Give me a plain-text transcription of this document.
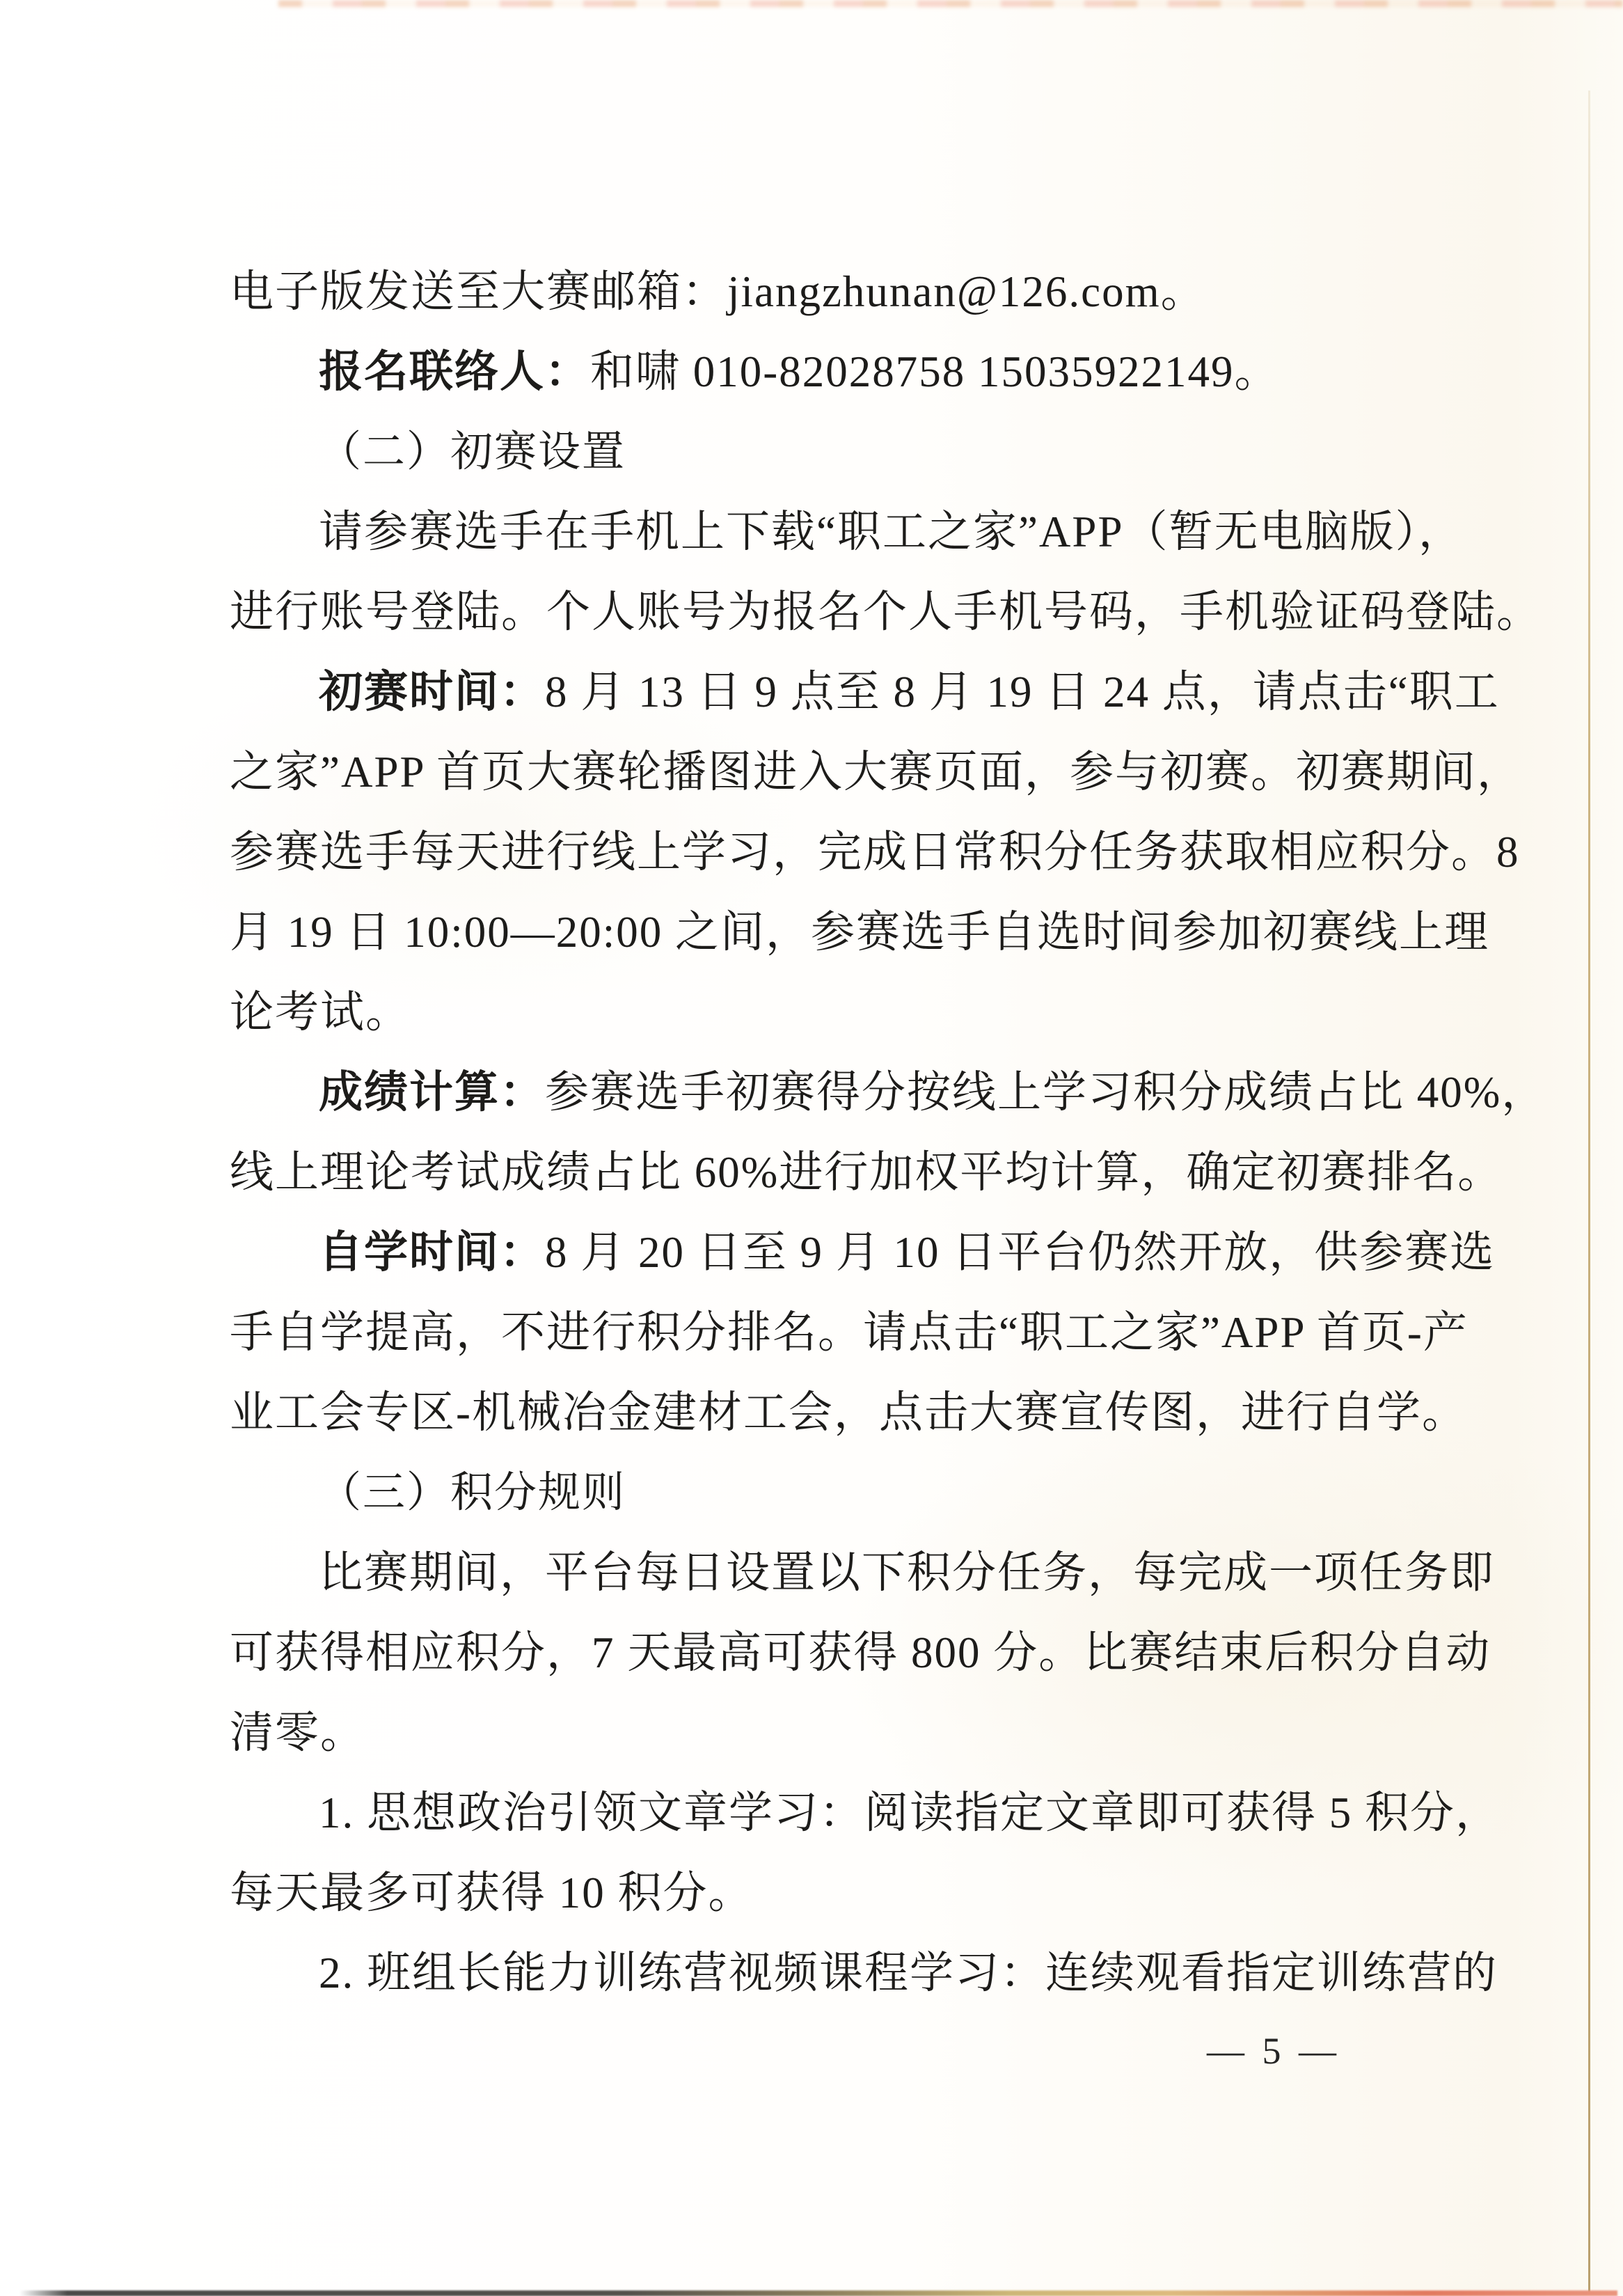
电子版发送至大赛邮箱：jiangzhunan@126.com。
报名联络人：和啸 010-82028758 15035922149。
（二）初赛设置
请参赛选手在手机上下载“职工之家”APP（暂无电脑版），
进行账号登陆。个人账号为报名个人手机号码，手机验证码登陆。
初赛时间：8 月 13 日 9 点至 8 月 19 日 24 点，请点击“职工
之家”APP 首页大赛轮播图进入大赛页面，参与初赛。初赛期间，
参赛选手每天进行线上学习，完成日常积分任务获取相应积分。8
月 19 日 10:00—20:00 之间，参赛选手自选时间参加初赛线上理
论考试。
成绩计算：参赛选手初赛得分按线上学习积分成绩占比 40%，
线上理论考试成绩占比 60%进行加权平均计算，确定初赛排名。
自学时间：8 月 20 日至 9 月 10 日平台仍然开放，供参赛选
手自学提高，不进行积分排名。请点击“职工之家”APP 首页-产
业工会专区-机械冶金建材工会，点击大赛宣传图，进行自学。
（三）积分规则
比赛期间，平台每日设置以下积分任务，每完成一项任务即
可获得相应积分，7 天最高可获得 800 分。比赛结束后积分自动
清零。
1. 思想政治引领文章学习：阅读指定文章即可获得 5 积分，
每天最多可获得 10 积分。
2. 班组长能力训练营视频课程学习：连续观看指定训练营的
— 5 —
